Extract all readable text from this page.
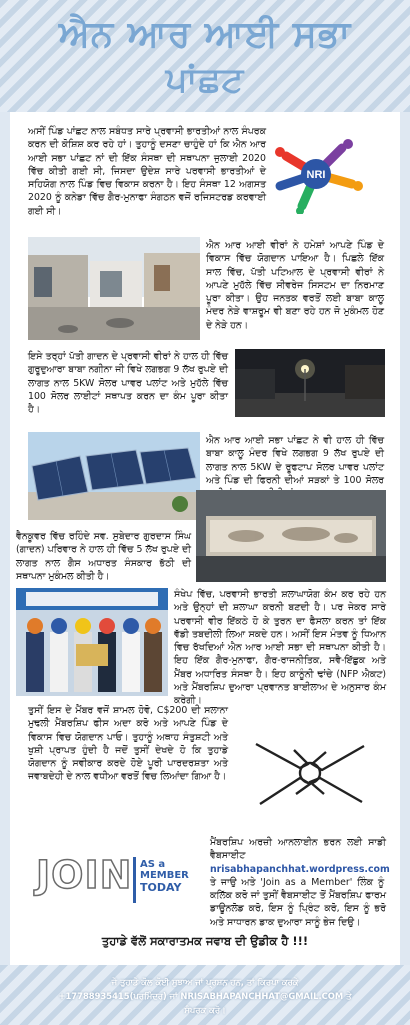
ਐਨ ਆਰ ਆਈ ਸਭਾ
ਪਾਂਛਟ
ਅਸੀਂ ਪਿੰਡ ਪਾਂਛਟ ਨਾਲ ਸਬੰਧਤ ਸਾਰੇ ਪ੍ਰਵਾਸੀ ਭਾਰਤੀਆਂ ਨਾਲ ਸੰਪਰਕ ਕਰਨ ਦੀ ਕੋਸ਼ਿਸ਼ ਕਰ ਰਹੇ ਹਾਂ। ਤੁਹਾਨੂੰ ਦਸਣਾ ਚਾਹੁੰਦੇ ਹਾਂ ਕਿ ਐਨ ਆਰ ਆਈ ਸਭਾ ਪਾਂਛਟ ਨਾਂ ਦੀ ਇੱਕ ਸੰਸਥਾ ਦੀ ਸਥਾਪਨਾ ਜੁਲਾਈ 2020 ਵਿੱਚ ਕੀਤੀ ਗਈ ਸੀ, ਜਿਸਦਾ ਉਦੇਸ਼ ਸਾਰੇ ਪਰਵਾਸੀ ਭਾਰਤੀਆਂ ਦੇ ਸਹਿਯੋਗ ਨਾਲ ਪਿੰਡ ਵਿਚ ਵਿਕਾਸ ਕਰਨਾ ਹੈ। ਇਹ ਸੰਸਥਾ 12 ਅਗਸਤ 2020 ਨੂੰ ਕਨੇਡਾ ਵਿੱਚ ਗੈਰ-ਮੁਨਾਫਾ ਸੰਗਠਨ ਵਜੋਂ ਰਜਿਸਟਰਡ ਕਰਵਾਈ ਗਈ ਸੀ।
NRI
ਐਨ ਆਰ ਆਈ ਵੀਰਾਂ ਨੇ ਹਮੇਸ਼ਾਂ ਆਪਣੇ ਪਿੰਡ ਦੇ ਵਿਕਾਸ ਵਿੱਚ ਯੋਗਦਾਨ ਪਾਇਆ ਹੈ। ਪਿਛਲੇ ਇੱਕ ਸਾਲ ਵਿੱਚ, ਪੱਤੀ ਪਟਿਆਲ ਦੇ ਪ੍ਰਵਾਸੀ ਵੀਰਾਂ ਨੇ ਆਪਣੇ ਮੁਹੱਲੇ ਵਿੱਚ ਸੀਵਰੇਜ ਸਿਸਟਮ ਦਾ ਨਿਰਮਾਣ ਪੂਰਾ ਕੀਤਾ। ਉਹ ਜਨਤਕ ਵਰਤੋਂ ਲਈ ਬਾਬਾ ਕਾਲੂ ਮੰਦਰ ਨੇੜੇ ਵਾਸ਼ਰੂਮ ਵੀ ਬਣਾ ਰਹੇ ਹਨ ਜੋ ਮੁਕੰਮਲ ਹੋਣ ਦੇ ਨੇੜੇ ਹਨ।
ਇਸੇ ਤਰ੍ਹਾਂ ਪੱਤੀ ਗਾਦਨ ਦੇ ਪ੍ਰਵਾਸੀ ਵੀਰਾਂ ਨੇ ਹਾਲ ਹੀ ਵਿੱਚ ਗੁਰੂਦੁਆਰਾ ਬਾਬਾ ਨਗੀਨਾ ਜੀ ਵਿਖੇ ਲਗਭਗ 9 ਲੱਖ ਰੁਪਏ ਦੀ ਲਾਗਤ ਨਾਲ 5KW ਸੋਲਰ ਪਾਵਰ ਪਲਾਂਟ ਅਤੇ ਮੁਹੱਲੇ ਵਿੱਚ 100 ਸੋਲਰ ਲਾਈਟਾਂ ਸਥਾਪਤ ਕਰਨ ਦਾ ਕੰਮ ਪੂਰਾ ਕੀਤਾ ਹੈ।
ਐਨ ਆਰ ਆਈ ਸਭਾ ਪਾਂਛਟ ਨੇ ਵੀ ਹਾਲ ਹੀ ਵਿੱਚ ਬਾਬਾ ਕਾਲੂ ਮੰਦਰ ਵਿਖੇ ਲਗਭਗ 9 ਲੱਖ ਰੁਪਏ ਦੀ ਲਾਗਤ ਨਾਲ 5KW ਦੇ ਰੂਫਟਾਪ ਸੋਲਰ ਪਾਵਰ ਪਲਾਂਟ ਅਤੇ ਪਿੰਡ ਦੀ ਫਿਰਨੀ ਦੀਆਂ ਸੜਕਾਂ ਤੇ 100 ਸੋਲਰ
ਵੈਨਕੂਵਰ ਵਿੱਚ ਰਹਿੰਦੇ ਸਵ. ਸੁਬੇਦਾਰ ਗੁਰਦਾਸ ਸਿੰਘ (ਗਾਦਨ) ਪਰਿਵਾਰ ਨੇ ਹਾਲ ਹੀ ਵਿੱਚ 5 ਲੱਖ ਰੁਪਏ ਦੀ ਲਾਗਤ ਨਾਲ ਗੈਸ ਅਧਾਰਤ ਸੰਸਕਾਰ ਭੱਠੀ ਦੀ ਸਥਾਪਨਾ ਮੁਕੰਮਲ ਕੀਤੀ ਹੈ।
ਸੰਖੇਪ ਵਿੱਚ, ਪਰਵਾਸੀ ਭਾਰਤੀ ਸ਼ਲਾਘਾਯੋਗ ਕੰਮ ਕਰ ਰਹੇ ਹਨ ਅਤੇ ਉਨ੍ਹਾਂ ਦੀ ਸ਼ਲਾਘਾ ਕਰਨੀ ਬਣਦੀ ਹੈ। ਪਰ ਜੇਕਰ ਸਾਰੇ ਪਰਵਾਸੀ ਵੀਰ ਇੱਕਠੇ ਹੋ ਕੇ ਤੁਰਨ ਦਾ ਫੈਸਲਾ ਕਰਨ ਤਾਂ ਇੱਕ ਵੱਡੀ ਤਬਦੀਲੀ ਲਿਆ ਸਕਦੇ ਹਨ। ਅਸੀਂ ਇਸ ਮੰਤਵ ਨੂੰ ਧਿਆਨ ਵਿਚ ਰੱਖਦਿਆਂ ਐਨ ਆਰ ਆਈ ਸਭਾ ਦੀ ਸਥਾਪਨਾ ਕੀਤੀ ਹੈ। ਇਹ ਇੱਕ ਗੈਰ-ਮੁਨਾਫਾ, ਗੈਰ-ਰਾਜਨੀਤਿਕ, ਸਵੈ-ਇੱਛੁਕ ਅਤੇ ਮੈਂਬਰ ਅਧਾਰਿਤ ਸੰਸਥਾ ਹੈ। ਇਹ ਕਾਨੂੰਨੀ ਢਾਂਚੇ (NFP ਐਕਟ) ਅਤੇ ਮੈਂਬਰਸ਼ਿਪ ਦੁਆਰਾ ਪ੍ਰਵਾਨਤ ਬਾਈਲਾਅ ਦੇ ਅਨੁਸਾਰ ਕੰਮ ਕਰੇਗੀ।
ਤੁਸੀਂ ਇਸ ਦੇ ਮੈਂਬਰ ਵਜੋਂ ਸ਼ਾਮਲ ਹੋਵੋ, C$200 ਦੀ ਸਲਾਨਾ ਮੁਢਲੀ ਮੈਂਬਰਸ਼ਿਪ ਫੀਸ ਅਦਾ ਕਰੋ ਅਤੇ ਆਪਣੇ ਪਿੰਡ ਦੇ ਵਿਕਾਸ ਵਿਚ ਯੋਗਦਾਨ ਪਾਓ। ਤੁਹਾਨੂੰ ਅਥਾਹ ਸੰਤੁਸ਼ਟੀ ਅਤੇ ਖੁਸ਼ੀ ਪ੍ਰਾਪਤ ਹੁੰਦੀ ਹੈ ਜਦੋਂ ਤੁਸੀਂ ਦੇਖਦੇ ਹੋ ਕਿ ਤੁਹਾਡੇ ਯੋਗਦਾਨ ਨੂੰ ਸਵੀਕਾਰ ਕਰਦੇ ਹੋਏ ਪੂਰੀ ਪਾਰਦਰਸ਼ਤਾ ਅਤੇ ਜਵਾਬਦੇਹੀ ਦੇ ਨਾਲ ਵਧੀਆ ਵਰਤੋਂ ਵਿਚ ਲਿਆਂਦਾ ਗਿਆ ਹੈ।
JOIN AS a MEMBER
TODAY
ਮੈਂਬਰਸ਼ਿਪ ਅਰਜ਼ੀ ਆਨਲਾਈਨ ਭਰਨ ਲਈ ਸਾਡੀ ਵੈਬਸਾਈਟ nrisabhapanchhat.wordpress.com ਤੇ ਜਾਉ ਅਤੇ 'Join as a Member' ਲਿੰਕ ਨੂੰ ਕਲਿੱਕ ਕਰੋ ਜਾਂ ਤੁਸੀਂ ਵੈਬਸਾਈਟ ਤੋਂ ਮੈਂਬਰਸ਼ਿਪ ਫਾਰਮ ਡਾਊਨਲੋਡ ਕਰੋ, ਇਸ ਨੂੰ ਪ੍ਰਿੰਟ ਕਰੋ, ਇਸ ਨੂੰ ਭਰੋ ਅਤੇ ਸਾਧਾਰਨ ਡਾਕ ਦੁਆਰਾ ਸਾਨੂੰ ਭੇਜ ਦਿਉ।
ਤੁਹਾਡੇ ਵੱਲੋਂ ਸਕਾਰਾਤਮਕ ਜਵਾਬ ਦੀ ਉਡੀਕ ਹੈ !!!
ਜੇ ਤੁਹਾਡੇ ਕੋਲ ਕੋਈ ਸੁਝਾਅ ਜਾਂ ਪ੍ਰਸ਼ਨ ਹਨ, ਤਾਂ ਕਿਰਪਾ ਕਰਕੇ
+17788935415(ਪਰਮਿੰਦਰ) ਜਾਂ NRISABHAPANCHHAT@GMAIL.COM ਤੇ
ਸੰਪਰਕ ਕਰੋ।
